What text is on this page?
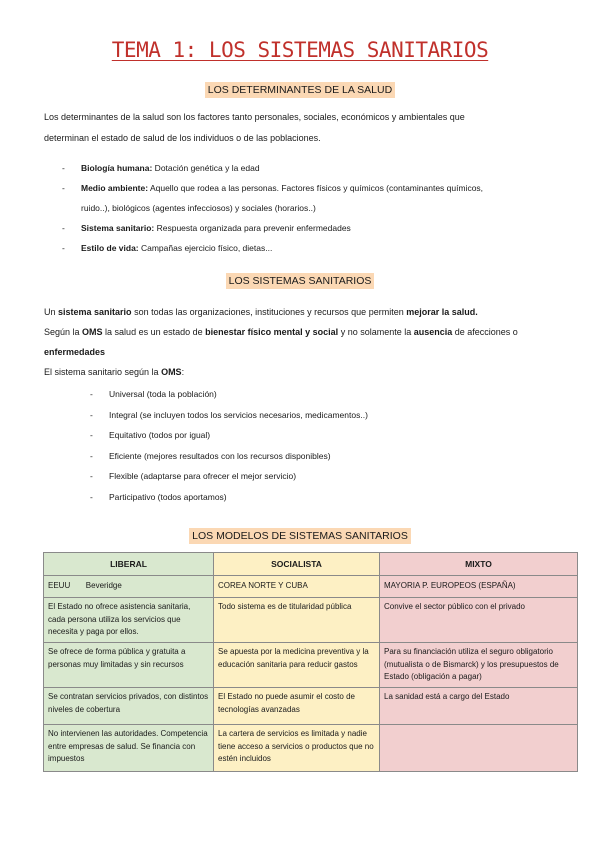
TEMA 1: LOS SISTEMAS SANITARIOS
LOS DETERMINANTES DE LA SALUD
Los determinantes de la salud son los factores tanto personales, sociales, económicos y ambientales que
determinan el estado de salud de los individuos o de las poblaciones.
- Biología humana: Dotación genética y la edad
- Medio ambiente: Aquello que rodea a las personas. Factores físicos y químicos (contaminantes químicos,
ruido..), biológicos (agentes infecciosos) y sociales (horarios..)
- Sistema sanitario: Respuesta organizada para prevenir enfermedades
- Estilo de vida: Campañas ejercicio físico, dietas...
LOS SISTEMAS SANITARIOS
Un sistema sanitario son todas las organizaciones, instituciones y recursos que permiten mejorar la salud.
Según la OMS la salud es un estado de bienestar físico mental y social y no solamente la ausencia de afecciones o
enfermedades
El sistema sanitario según la OMS:
- Universal (toda la población)
- Integral (se incluyen todos los servicios necesarios, medicamentos..)
- Equitativo (todos por igual)
- Eficiente (mejores resultados con los recursos disponibles)
- Flexible (adaptarse para ofrecer el mejor servicio)
- Participativo (todos aportamos)
LOS MODELOS DE SISTEMAS SANITARIOS
LIBERAL	SOCIALISTA	MIXTO
EEUU       Beveridge	COREA NORTE Y CUBA	MAYORIA P. EUROPEOS (ESPAÑA)
El Estado no ofrece asistencia sanitaria, cada persona utiliza los servicios que necesita y paga por ellos.	Todo sistema es de titularidad pública	Convive el sector público con el privado
Se ofrece de forma pública y gratuita a personas muy limitadas y sin recursos	Se apuesta por la medicina preventiva y la educación sanitaria para reducir gastos	Para su financiación utiliza el seguro obligatorio (mutualista o de Bismarck) y los presupuestos de Estado (obligación a pagar)
Se contratan servicios privados, con distintos niveles de cobertura	El Estado no puede asumir el costo de tecnologías avanzadas	La sanidad está a cargo del Estado
No intervienen las autoridades. Competencia entre empresas de salud. Se financia con impuestos	La cartera de servicios es limitada y nadie tiene acceso a servicios o productos que no estén incluidos	
